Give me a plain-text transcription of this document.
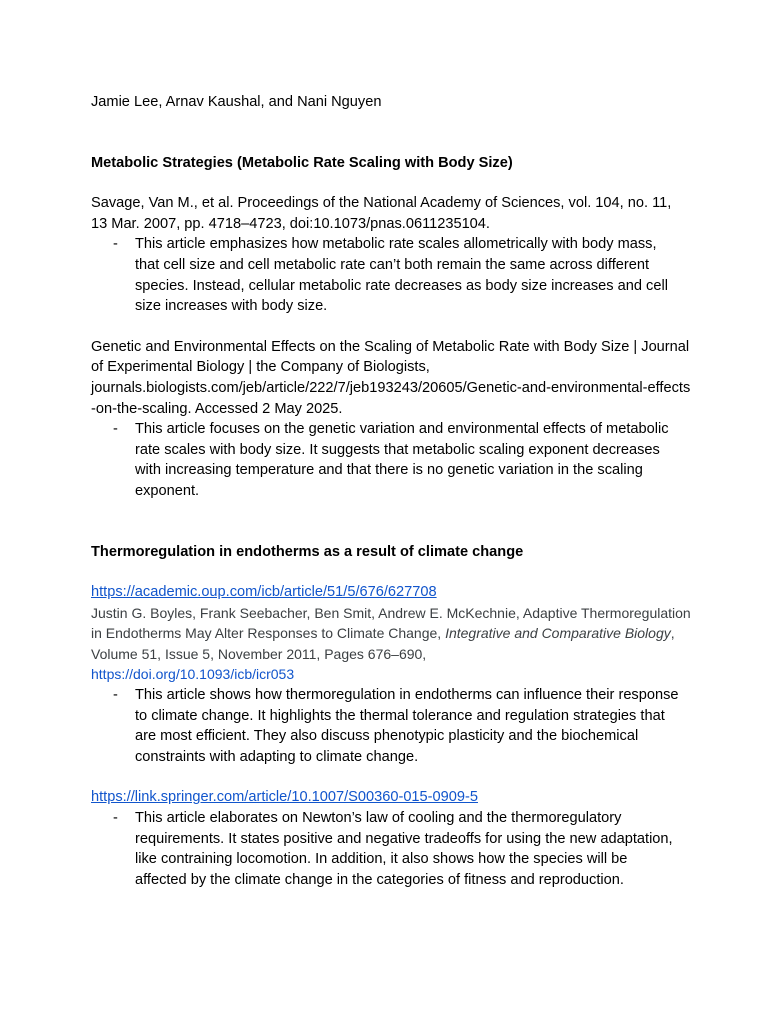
Jamie Lee, Arnav Kaushal, and Nani Nguyen

Metabolic Strategies (Metabolic Rate Scaling with Body Size)

Savage, Van M., et al. Proceedings of the National Academy of Sciences, vol. 104, no. 11, 13 Mar. 2007, pp. 4718–4723, doi:10.1073/pnas.0611235104.

-	This article emphasizes how metabolic rate scales allometrically with body mass, that cell size and cell metabolic rate can’t both remain the same across different species. Instead, cellular metabolic rate decreases as body size increases and cell size increases with body size.

Genetic and Environmental Effects on the Scaling of Metabolic Rate with Body Size | Journal of Experimental Biology | the Company of Biologists,
journals.biologists.com/jeb/article/222/7/jeb193243/20605/Genetic-and-environmental-effects-on-the-scaling. Accessed 2 May 2025.

-	This article focuses on the genetic variation and environmental effects of metabolic rate scales with body size. It suggests that metabolic scaling exponent decreases with increasing temperature and that there is no genetic variation in the scaling exponent.

Thermoregulation in endotherms as a result of climate change

https://academic.oup.com/icb/article/51/5/676/627708

Justin G. Boyles, Frank Seebacher, Ben Smit, Andrew E. McKechnie, Adaptive Thermoregulation in Endotherms May Alter Responses to Climate Change, Integrative and Comparative Biology, Volume 51, Issue 5, November 2011, Pages 676–690,
https://doi.org/10.1093/icb/icr053

-	This article shows how thermoregulation in endotherms can influence their response to climate change. It highlights the thermal tolerance and regulation strategies that are most efficient. They also discuss phenotypic plasticity and the biochemical constraints with adapting to climate change.

https://link.springer.com/article/10.1007/S00360-015-0909-5

-	This article elaborates on Newton’s law of cooling and the thermoregulatory requirements. It states positive and negative tradeoffs for using the new adaptation, like contraining locomotion. In addition, it also shows how the species will be affected by the climate change in the categories of fitness and reproduction.
